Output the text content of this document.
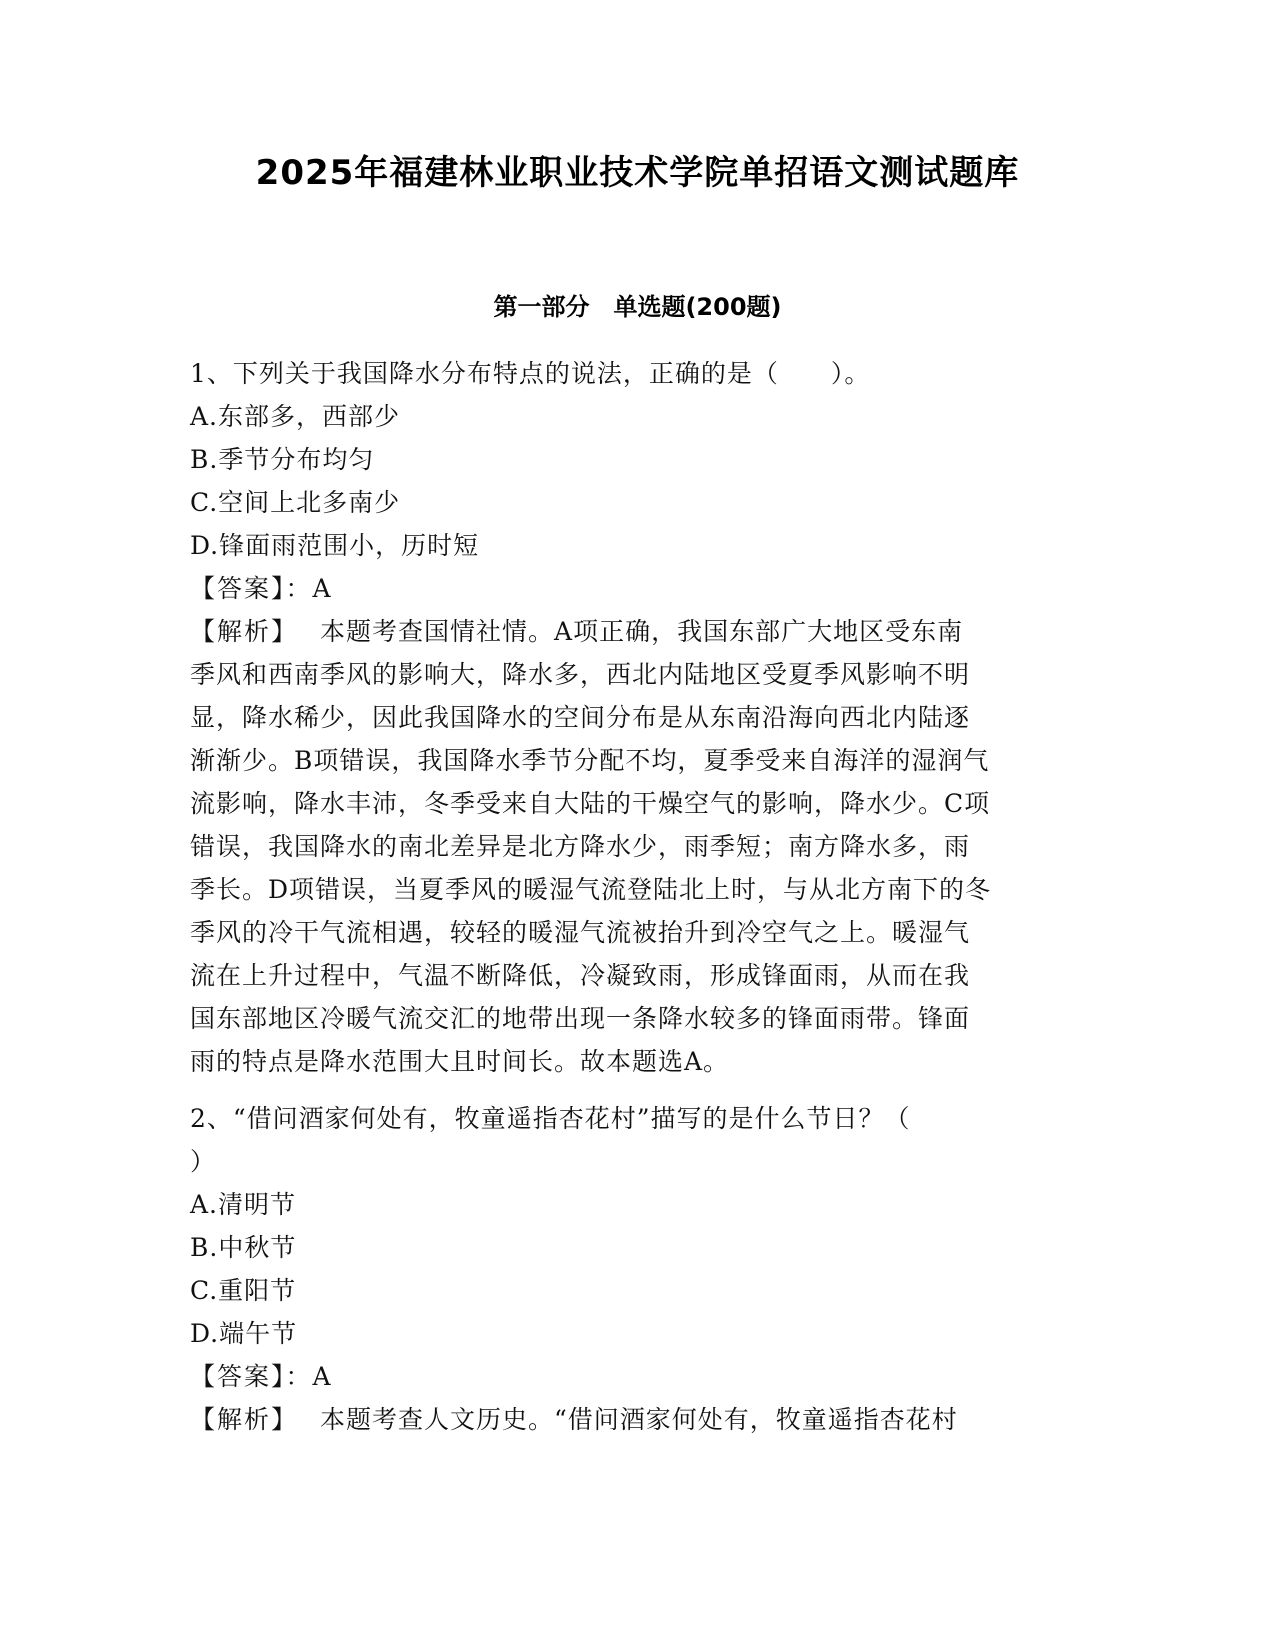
2025年福建林业职业技术学院单招语文测试题库
第一部分　单选题(200题)
1、下列关于我国降水分布特点的说法，正确的是（　　）。
A.东部多，西部少
B.季节分布均匀
C.空间上北多南少
D.锋面雨范围小，历时短
【答案】：A
【解析】 本题考查国情社情。A项正确，我国东部广大地区受东南
季风和西南季风的影响大，降水多，西北内陆地区受夏季风影响不明
显，降水稀少，因此我国降水的空间分布是从东南沿海向西北内陆逐
渐渐少。B项错误，我国降水季节分配不均，夏季受来自海洋的湿润气
流影响，降水丰沛，冬季受来自大陆的干燥空气的影响，降水少。C项
错误，我国降水的南北差异是北方降水少，雨季短；南方降水多，雨
季长。D项错误，当夏季风的暖湿气流登陆北上时，与从北方南下的冬
季风的冷干气流相遇，较轻的暖湿气流被抬升到冷空气之上。暖湿气
流在上升过程中，气温不断降低，冷凝致雨，形成锋面雨，从而在我
国东部地区冷暖气流交汇的地带出现一条降水较多的锋面雨带。锋面
雨的特点是降水范围大且时间长。故本题选A。
2、“借问酒家何处有，牧童遥指杏花村”描写的是什么节日？（
）
A.清明节
B.中秋节
C.重阳节
D.端午节
【答案】：A
【解析】 本题考查人文历史。“借问酒家何处有，牧童遥指杏花村
